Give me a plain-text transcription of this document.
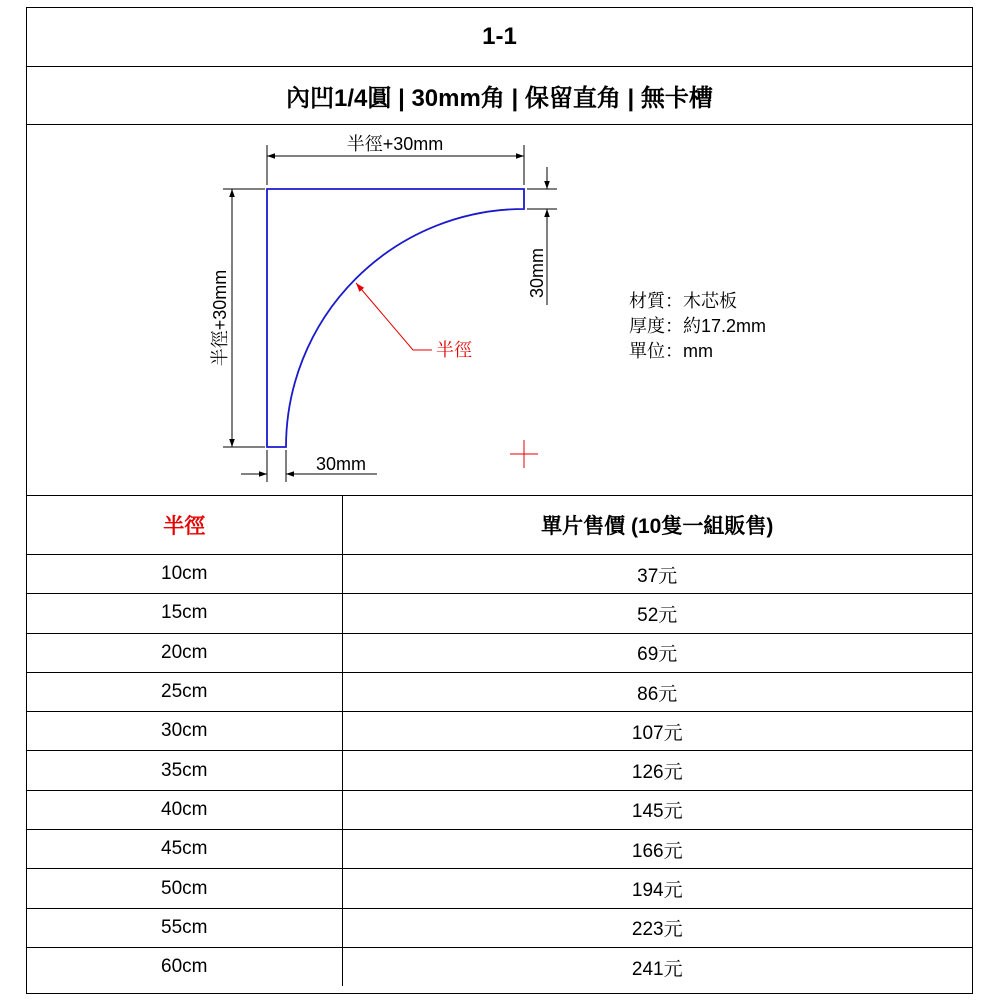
1-1
內凹1/4圓 | 30mm角 | 保留直角 | 無卡槽
半徑+30mm
半徑+30mm	30mm
30mm
半徑
材質：木芯板
厚度：約17.2mm
單位：mm
半徑	單片售價 (10隻一組販售)
10cm	37元
15cm	52元
20cm	69元
25cm	86元
30cm	107元
35cm	126元
40cm	145元
45cm	166元
50cm	194元
55cm	223元
60cm	241元
